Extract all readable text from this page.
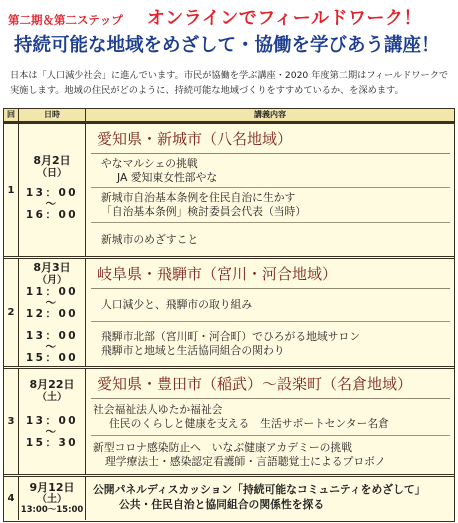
第二期＆第二ステップ オンラインでフィールドワーク！
持続可能な地域をめざして・協働を学びあう講座！

日本は「人口減少社会」に進んでいます。市民が協働を学ぶ講座・2020 年度第二期はフィールドワークで実施します。地域の住民がどのように、持続可能な地域づくりをすすめているか、を深めます。

回	日時	講義内容
1
8月2日
（日）
13：00
～
16：00
愛知県・新城市（八名地域）
やなマルシェの挑戦
JA 愛知東女性部やな
新城市自治基本条例を住民自治に生かす
「自治基本条例」検討委員会代表（当時）
新城市のめざすこと
2
8月3日
（月）
11：00
～
12：00
13：00
～
15：00
岐阜県・飛騨市（宮川・河合地域）
人口減少と、飛騨市の取り組み
飛騨市北部（宮川町・河合町）でひろがる地域サロン
飛騨市と地域と生活協同組合の関わり
3
8月22日
（土）
13：00
～
15：30
愛知県・豊田市（稲武）～設楽町（名倉地域）
社会福祉法人ゆたか福祉会
住民のくらしと健康を支える　生活サポートセンター名倉
新型コロナ感染防止へ　いなぶ健康アカデミーの挑戦
理学療法士・感染認定看護師・言語聴覚士によるプロボノ
4
9月12日
（土）
13:00～15:00
公開パネルディスカッション「持続可能なコミュニティをめざして」
公共・住民自治と協同組合の関係性を探る
